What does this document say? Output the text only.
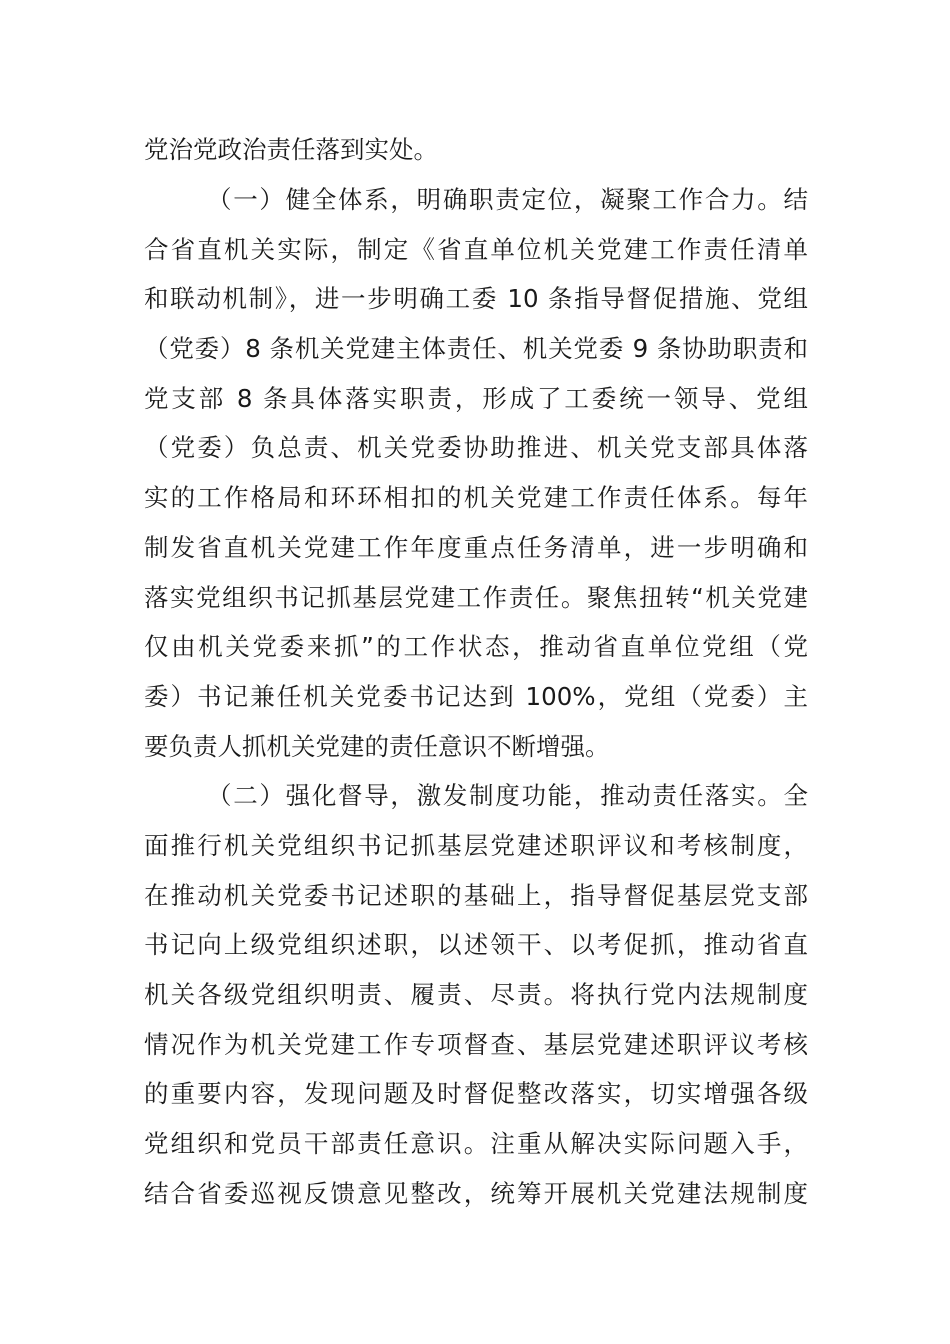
党治党政治责任落到实处。
（一）健全体系，明确职责定位，凝聚工作合力。结
合省直机关实际，制定《省直单位机关党建工作责任清单
和联动机制》，进一步明确工委 10 条指导督促措施、党组
（党委）8 条机关党建主体责任、机关党委 9 条协助职责和
党支部 8 条具体落实职责，形成了工委统一领导、党组
（党委）负总责、机关党委协助推进、机关党支部具体落
实的工作格局和环环相扣的机关党建工作责任体系。每年
制发省直机关党建工作年度重点任务清单，进一步明确和
落实党组织书记抓基层党建工作责任。聚焦扭转“机关党建
仅由机关党委来抓”的工作状态，推动省直单位党组（党
委）书记兼任机关党委书记达到 100%，党组（党委）主
要负责人抓机关党建的责任意识不断增强。
（二）强化督导，激发制度功能，推动责任落实。全
面推行机关党组织书记抓基层党建述职评议和考核制度，
在推动机关党委书记述职的基础上，指导督促基层党支部
书记向上级党组织述职，以述领干、以考促抓，推动省直
机关各级党组织明责、履责、尽责。将执行党内法规制度
情况作为机关党建工作专项督查、基层党建述职评议考核
的重要内容，发现问题及时督促整改落实，切实增强各级
党组织和党员干部责任意识。注重从解决实际问题入手，
结合省委巡视反馈意见整改，统筹开展机关党建法规制度
